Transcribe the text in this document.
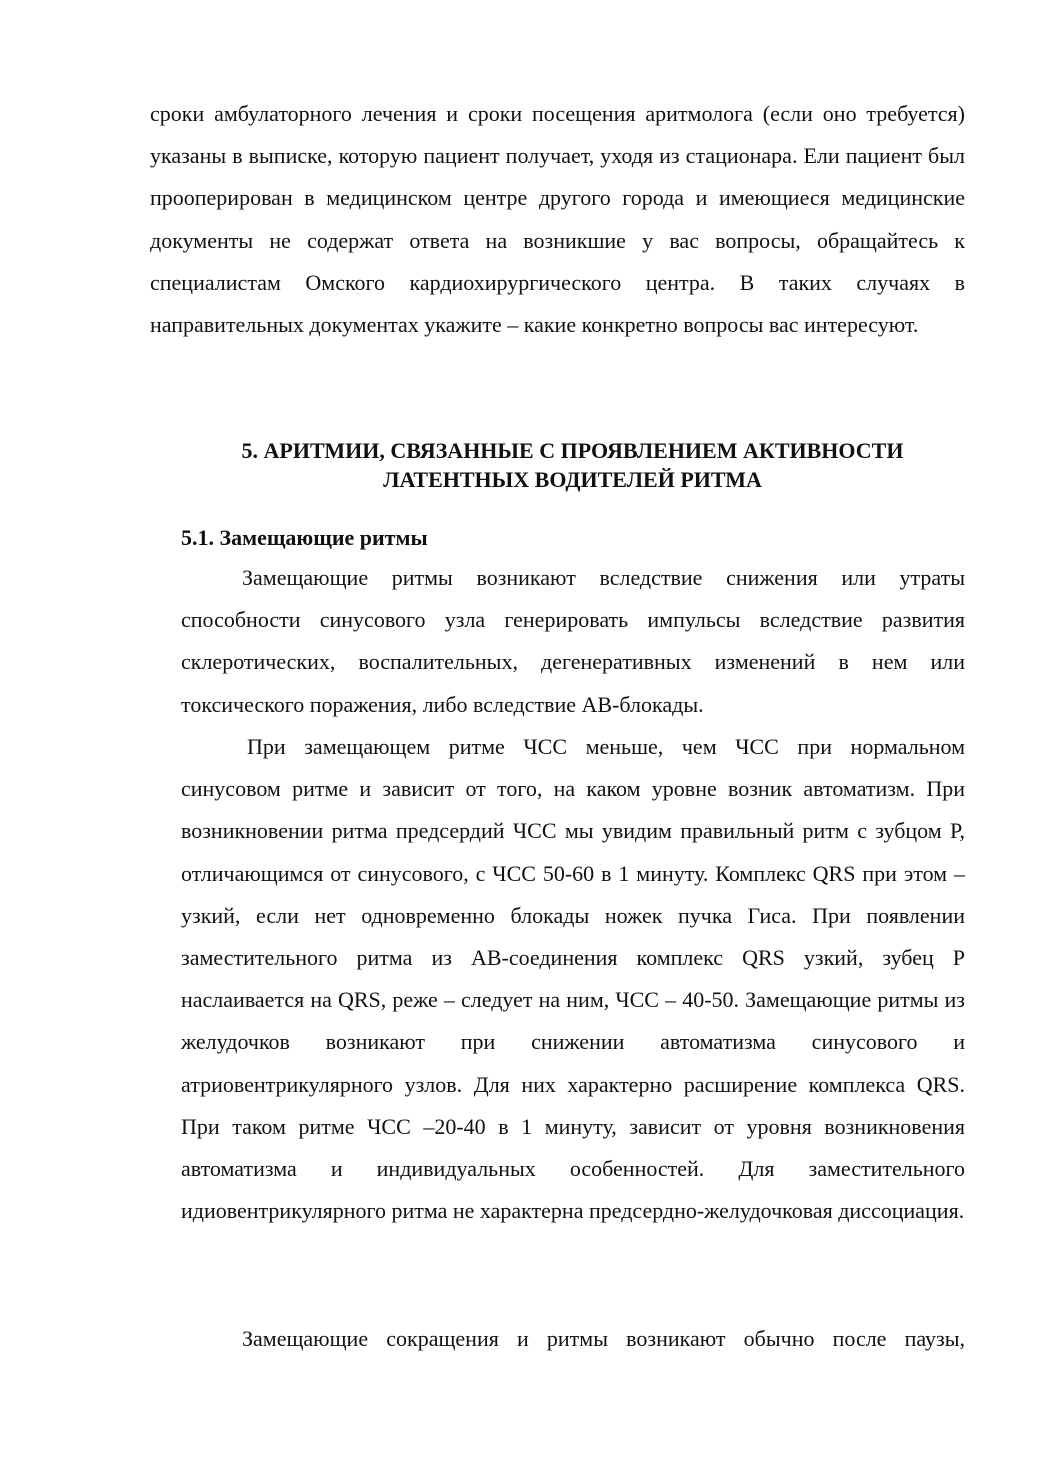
сроки амбулаторного лечения и сроки посещения аритмолога (если оно требуется) указаны в выписке, которую пациент получает, уходя из стационара. Ели пациент был прооперирован в медицинском центре другого города и имеющиеся медицинские документы не содержат ответа на возникшие у вас вопросы, обращайтесь к специалистам Омского кардиохирургического центра. В таких случаях в направительных документах укажите – какие конкретно вопросы вас интересуют.

5. АРИТМИИ, СВЯЗАННЫЕ С ПРОЯВЛЕНИЕМ АКТИВНОСТИ
ЛАТЕНТНЫХ ВОДИТЕЛЕЙ РИТМА
5.1. Замещающие ритмы

Замещающие ритмы возникают вследствие снижения или утраты способности синусового узла генерировать импульсы вследствие развития склеротических, воспалительных, дегенеративных изменений в нем или токсического поражения, либо вследствие АВ-блокады.

При замещающем ритме ЧСС меньше, чем ЧСС при нормальном синусовом ритме и зависит от того, на каком уровне возник автоматизм. При возникновении ритма предсердий ЧСС мы увидим правильный ритм с зубцом Р, отличающимся от синусового, с ЧСС 50-60 в 1 минуту. Комплекс QRS при этом – узкий, если нет одновременно блокады ножек пучка Гиса. При появлении заместительного ритма из АВ-соединения комплекс QRS узкий, зубец Р наслаивается на QRS, реже – следует на ним, ЧСС – 40-50. Замещающие ритмы из желудочков возникают при снижении автоматизма синусового и атриовентрикулярного узлов. Для них характерно расширение комплекса QRS. При таком ритме ЧСС –20-40 в 1 минуту, зависит от уровня возникновения автоматизма и индивидуальных особенностей. Для заместительного идиовентрикулярного ритма не характерна предсердно-желудочковая диссоциация.

Замещающие сокращения и ритмы возникают обычно после паузы,
